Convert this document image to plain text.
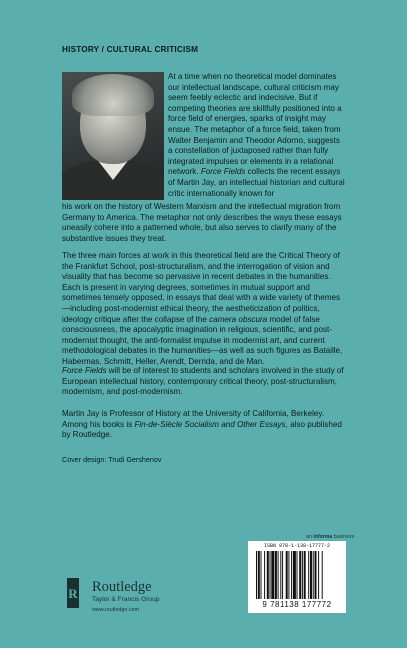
HISTORY / CULTURAL CRITICISM

At a time when no theoretical model dominates our intellectual landscape, cultural criticism may seem feebly eclectic and indecisive. But if competing theories are skillfully positioned into a force field of energies, sparks of insight may ensue. The metaphor of a force field, taken from Walter Benjamin and Theodor Adorno, suggests a constellation of juxtaposed rather than fully integrated impulses or elements in a relational network. Force Fields collects the recent essays of Martin Jay, an intellectual historian and cultural critic internationally known for

his work on the history of Western Marxism and the intellectual migration from Germany to America. The metaphor not only describes the ways these essays uneasily cohere into a patterned whole, but also serves to clarify many of the substantive issues they treat.

The three main forces at work in this theoretical field are the Critical Theory of the Frankfurt School, post-structuralism, and the interrogation of vision and visuality that has become so pervasive in recent debates in the humanities. Each is present in varying degrees, sometimes in mutual support and sometimes tensely opposed, in essays that deal with a wide variety of themes—including post-modernist ethical theory, the aestheticization of politics, ideology critique after the collapse of the camera obscura model of false consciousness, the apocalyptic imagination in religious, scientific, and post-modernist thought, the anti-formalist impulse in modernist art, and current methodological debates in the humanities—as well as such figures as Bataille, Habermas, Schmitt, Heller, Arendt, Derrida, and de Man.

Force Fields will be of interest to students and scholars involved in the study of European intellectual history, contemporary critical theory, post-structuralism, modernism, and post-modernism.

Martin Jay is Professor of History at the University of California, Berkeley. Among his books is Fin-de-Siècle Socialism and Other Essays, also published by Routledge.

Cover design: Trudi Gershenov
an informa business
R Routledge
Taylor & Francis Group
www.routledge.com
ISBN 978-1-138-17777-2
9 781138 177772
